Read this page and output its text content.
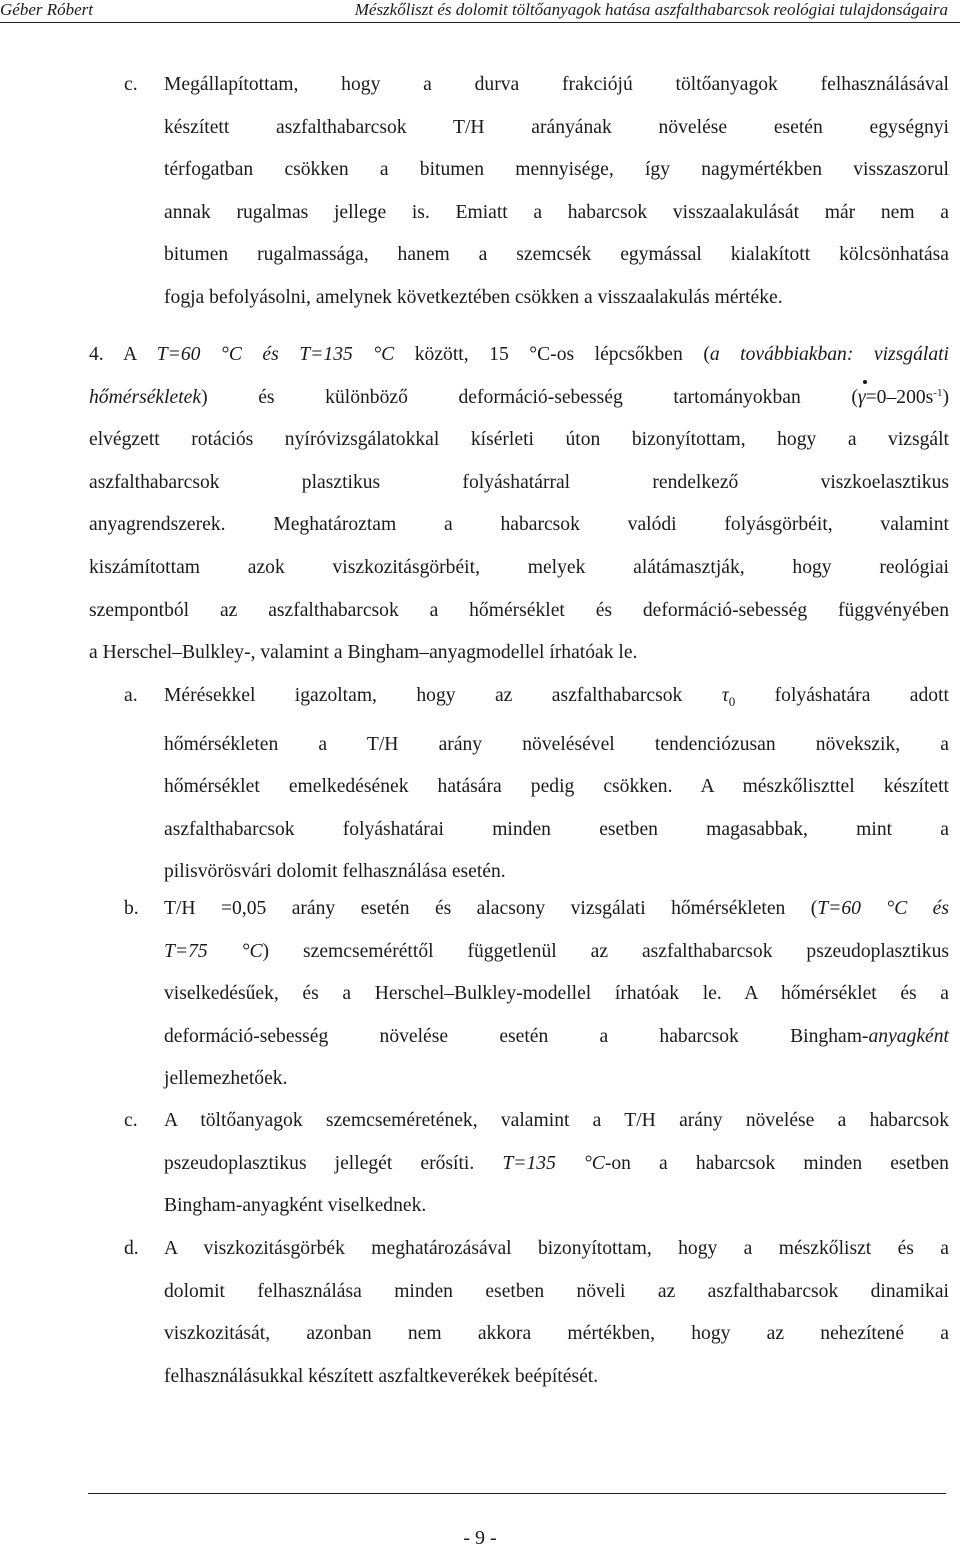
Géber Róbert	Mészkőliszt és dolomit töltőanyagok hatása aszfalthabarcsok reológiai tulajdonságaira
c. Megállapítottam, hogy a durva frakciójú töltőanyagok felhasználásával
készített aszfalthabarcsok T/H arányának növelése esetén egységnyi
térfogatban csökken a bitumen mennyisége, így nagymértékben visszaszorul
annak rugalmas jellege is. Emiatt a habarcsok visszaalakulását már nem a
bitumen rugalmassága, hanem a szemcsék egymással kialakított kölcsönhatása
fogja befolyásolni, amelynek következtében csökken a visszaalakulás mértéke.
4. A T=60 °C és T=135 °C között, 15 °C-os lépcsőkben (a továbbiakban: vizsgálati
hőmérsékletek) és különböző deformáció-sebesség tartományokban $(\gamma=0-200s^{-1})$
elvégzett rotációs nyíróvizsgálatokkal kísérleti úton bizonyítottam, hogy a vizsgált
aszfalthabarcsok plasztikus folyáshatárral rendelkező viszkoelasztikus
anyagrendszerek. Meghatároztam a habarcsok valódi folyásgörbéit, valamint
kiszámítottam azok viszkozitásgörbéit, melyek alátámasztják, hogy reológiai
szempontból az aszfalthabarcsok a hőmérséklet és deformáció-sebesség függvényében
a Herschel–Bulkley-, valamint a Bingham–anyagmodellel írhatóak le.
a. Mérésekkel igazoltam, hogy az aszfalthabarcsok $\tau_0$ folyáshatára adott
hőmérsékleten a T/H arány növelésével tendenciózusan növekszik, a
hőmérséklet emelkedésének hatására pedig csökken. A mészkőliszttel készített
aszfalthabarcsok folyáshatárai minden esetben magasabbak, mint a
pilisvörösvári dolomit felhasználása esetén.
b. T/H =0,05 arány esetén és alacsony vizsgálati hőmérsékleten (T=60 °C és
T=75 °C) szemcseméréttől függetlenül az aszfalthabarcsok pszeudoplasztikus
viselkedésűek, és a Herschel–Bulkley-modellel írhatóak le. A hőmérséklet és a
deformáció-sebesség növelése esetén a habarcsok Bingham-anyagként
jellemezhetőek.
c. A töltőanyagok szemcseméretének, valamint a T/H arány növelése a habarcsok
pszeudoplasztikus jellegét erősíti. T=135 °C-on a habarcsok minden esetben
Bingham-anyagként viselkednek.
d. A viszkozitásgörbék meghatározásával bizonyítottam, hogy a mészkőliszt és a
dolomit felhasználása minden esetben növeli az aszfalthabarcsok dinamikai
viszkozitását, azonban nem akkora mértékben, hogy az nehezítené a
felhasználásukkal készített aszfaltkeverékek beépítését.
- 9 -
